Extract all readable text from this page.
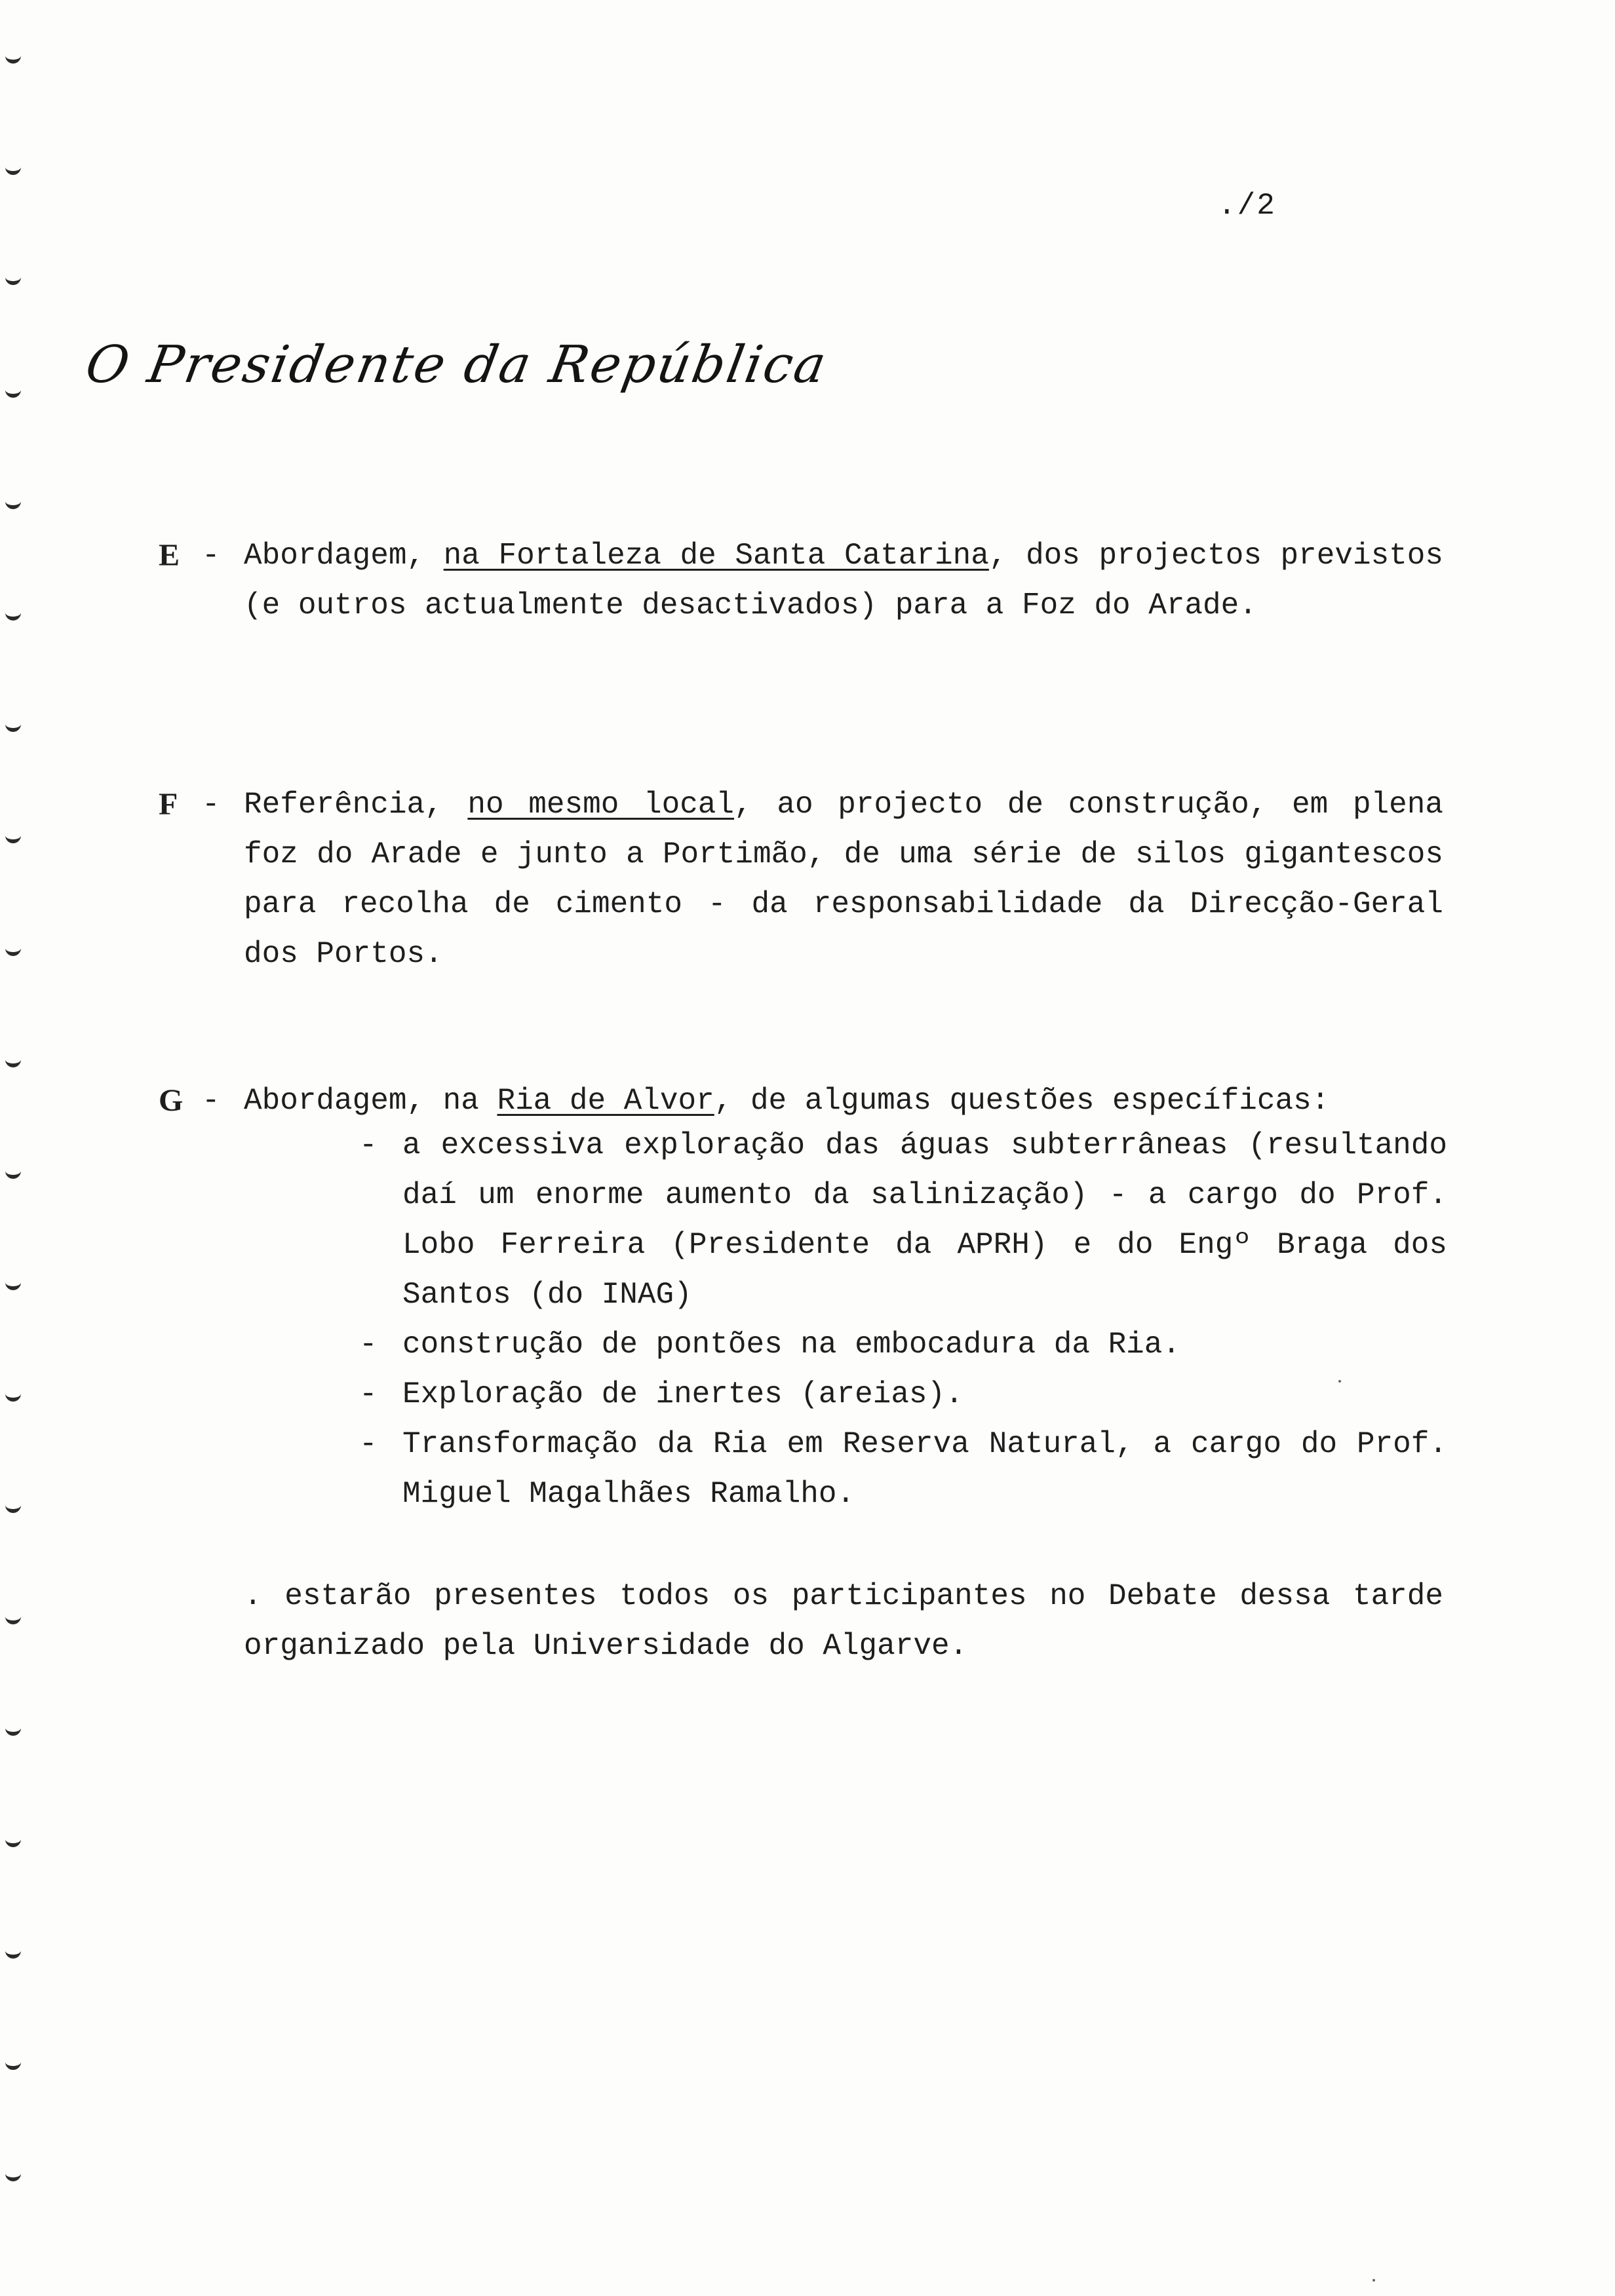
./2
O Presidente da República
E - Abordagem, na Fortaleza de Santa Catarina, dos projectos previstos (e outros actualmente desactivados) para a Foz do Arade.
F - Referência, no mesmo local, ao projecto de construção, em plena foz do Arade e junto a Portimão, de uma série de silos gigantescos para recolha de cimento - da responsabilidade da Direcção-Geral dos Portos.
G - Abordagem, na Ria de Alvor, de algumas questões específicas:
- a excessiva exploração das águas subterrâneas (resultando daí um enorme aumento da salinização) - a cargo do Prof. Lobo Ferreira (Presidente da APRH) e do Engº Braga dos Santos (do INAG)
- construção de pontões na embocadura da Ria.
- Exploração de inertes (areias).
- Transformação da Ria em Reserva Natural, a cargo do Prof. Miguel Magalhães Ramalho.
. estarão presentes todos os participantes no Debate dessa tarde organizado pela Universidade do Algarve.
